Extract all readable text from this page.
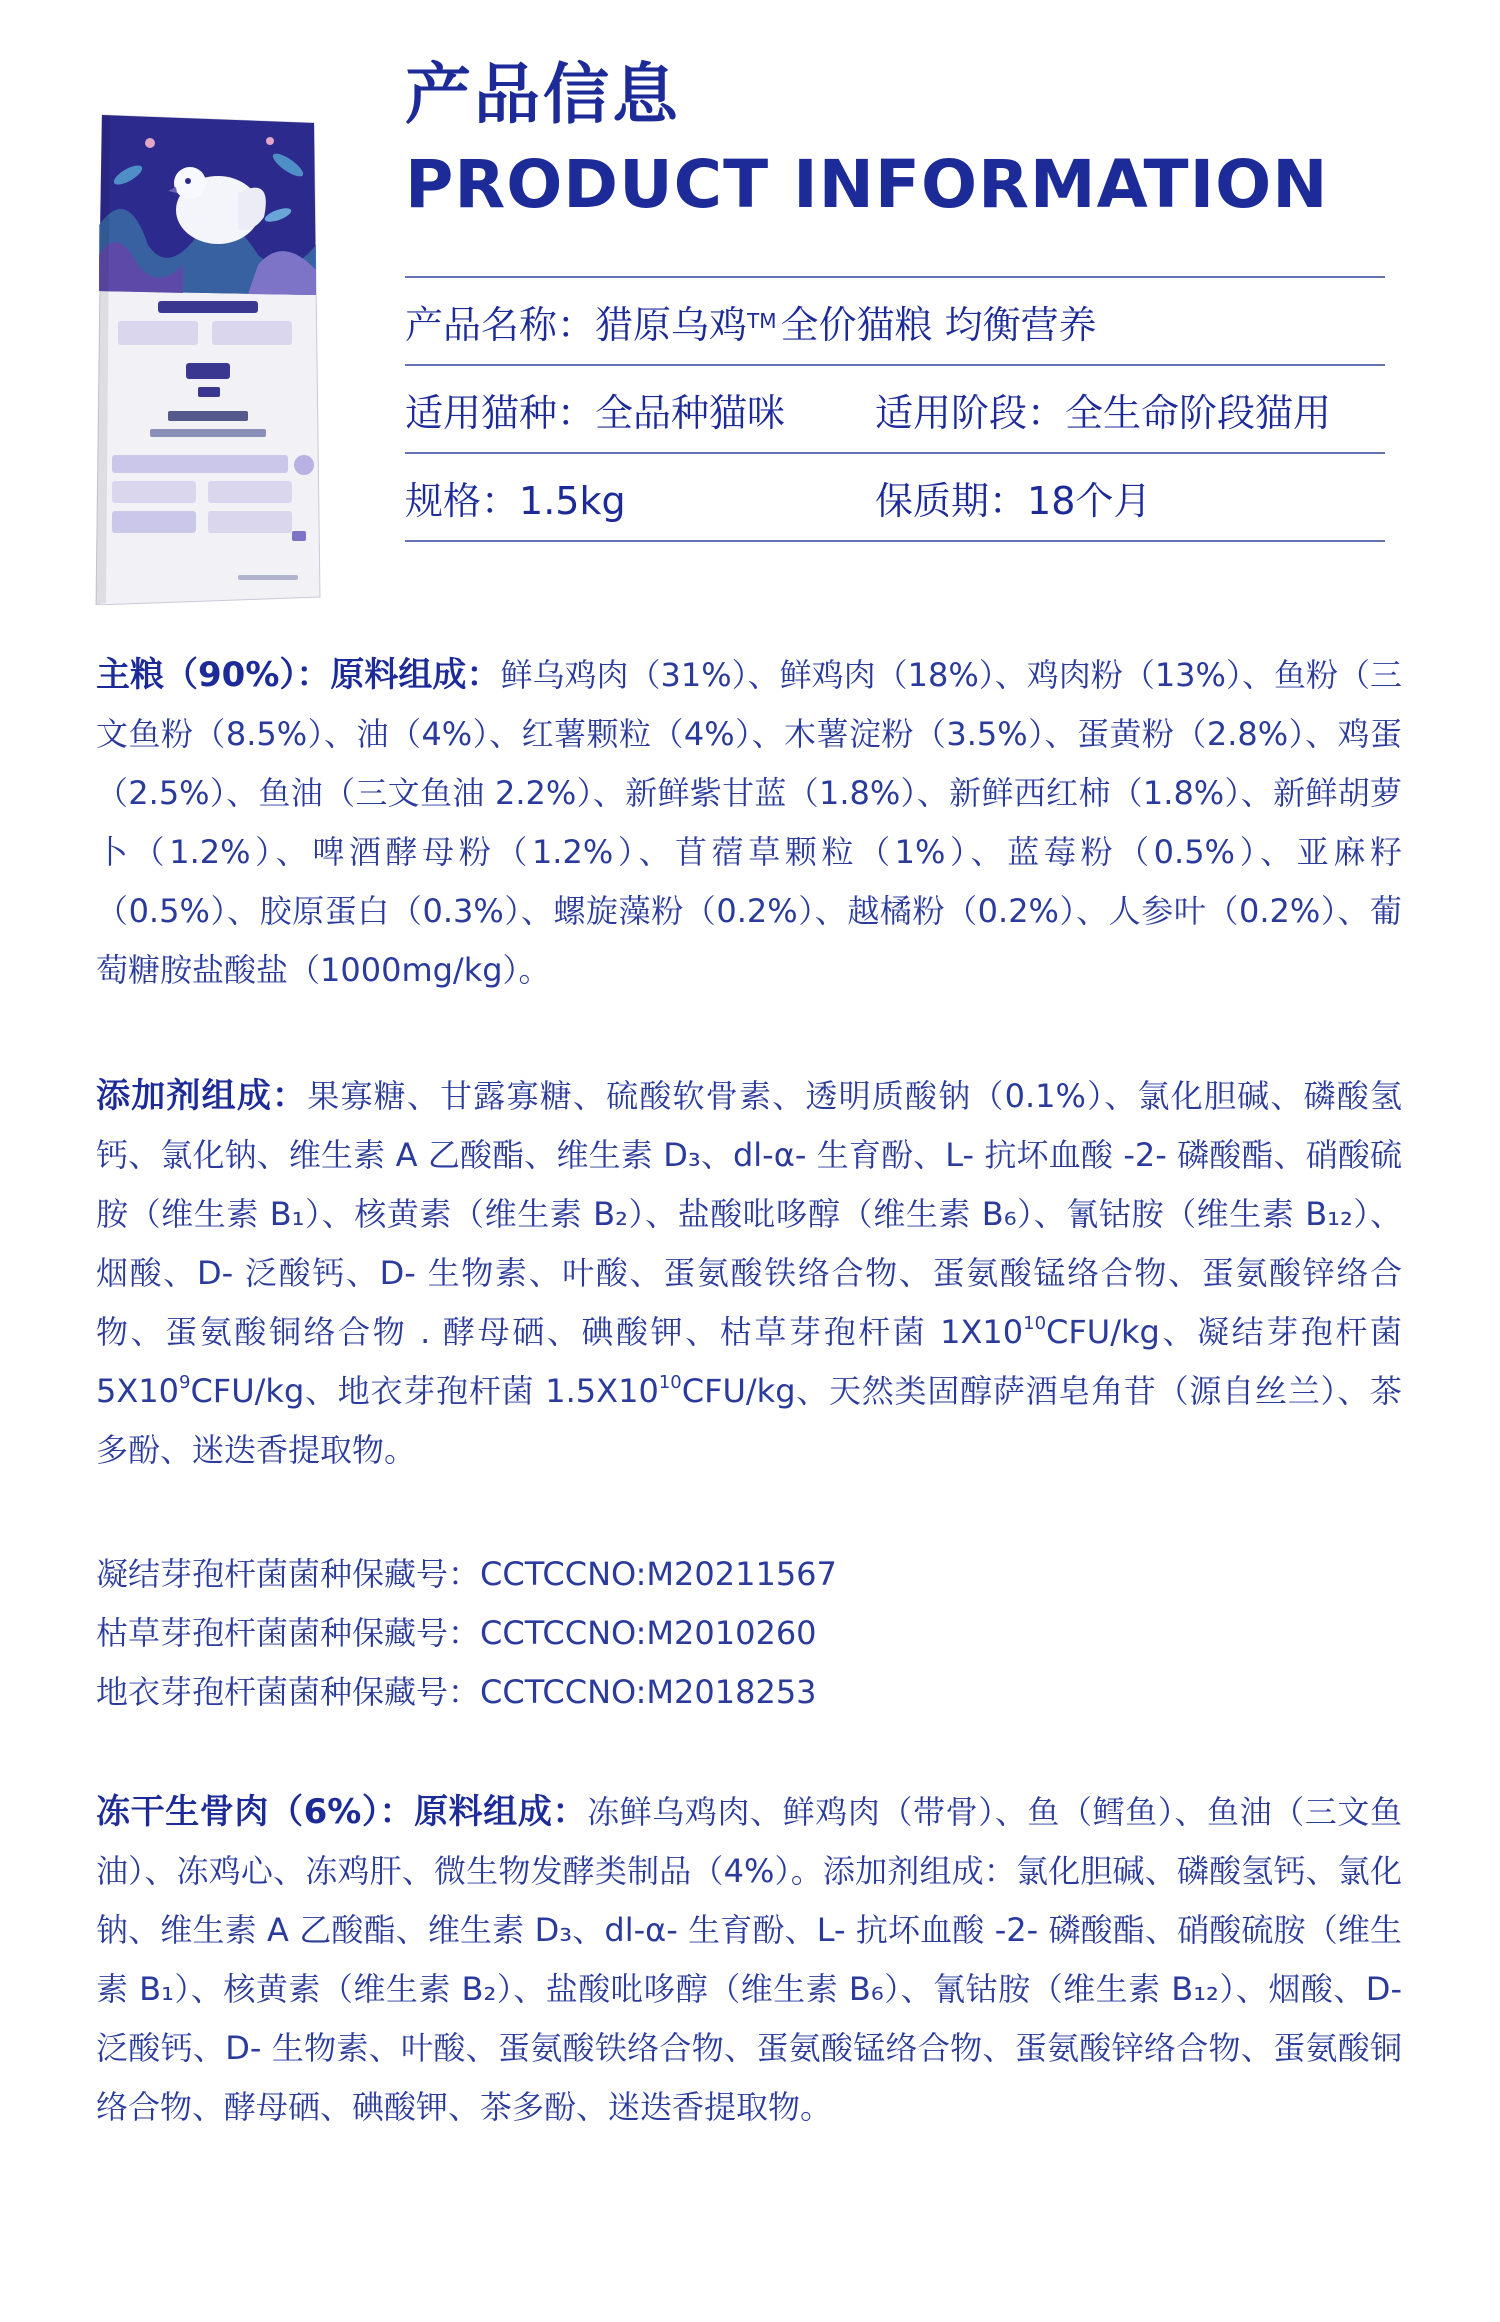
产品信息
PRODUCT INFORMATION
产品名称： 猎原乌鸡 TM 全价猫粮 均衡营养
适用猫种：全品种猫咪	适用阶段：全生命阶段猫用
规格：1.5kg	保质期：18个月
主粮（90%）：原料组成：鲜乌鸡肉（31%）、鲜鸡肉（18%）、鸡肉粉（13%）、鱼粉（三文鱼粉（8.5%）、油（4%）、红薯颗粒（4%）、木薯淀粉（3.5%）、蛋黄粉（2.8%）、鸡蛋（2.5%）、鱼油（三文鱼油 2.2%）、新鲜紫甘蓝（1.8%）、新鲜西红柿（1.8%）、新鲜胡萝卜（1.2%）、啤酒酵母粉（1.2%）、苜蓿草颗粒（1%）、蓝莓粉（0.5%）、亚麻籽（0.5%）、胶原蛋白（0.3%）、螺旋藻粉（0.2%）、越橘粉（0.2%）、人参叶（0.2%）、葡萄糖胺盐酸盐（1000mg/kg）。
添加剂组成：果寡糖、甘露寡糖、硫酸软骨素、透明质酸钠（0.1%）、氯化胆碱、磷酸氢钙、氯化钠、维生素 A 乙酸酯、维生素 D₃、dl-α- 生育酚、L- 抗坏血酸 -2- 磷酸酯、硝酸硫胺（维生素 B₁）、核黄素（维生素 B₂）、盐酸吡哆醇（维生素 B₆）、氰钴胺（维生素 B₁₂）、烟酸、D- 泛酸钙、D- 生物素、叶酸、蛋氨酸铁络合物、蛋氨酸锰络合物、蛋氨酸锌络合物、蛋氨酸铜络合物 . 酵母硒、碘酸钾、枯草芽孢杆菌 $1X10^{10}CFU/kg$、凝结芽孢杆菌 $5X10^9CFU/kg$、地衣芽孢杆菌 $1.5X10^{10}CFU/kg$、天然类固醇萨酒皂角苷（源自丝兰）、茶多酚、迷迭香提取物。
凝结芽孢杆菌菌种保藏号：CCTCCNO:M20211567
枯草芽孢杆菌菌种保藏号：CCTCCNO:M2010260
地衣芽孢杆菌菌种保藏号：CCTCCNO:M2018253
冻干生骨肉（6%）：原料组成：冻鲜乌鸡肉、鲜鸡肉（带骨）、鱼（鳕鱼）、鱼油（三文鱼油）、冻鸡心、冻鸡肝、微生物发酵类制品（4%）。添加剂组成：氯化胆碱、磷酸氢钙、氯化钠、维生素 A 乙酸酯、维生素 D₃、dl-α- 生育酚、L- 抗坏血酸 -2- 磷酸酯、硝酸硫胺（维生素 B₁）、核黄素（维生素 B₂）、盐酸吡哆醇（维生素 B₆）、氰钴胺（维生素 B₁₂）、烟酸、D- 泛酸钙、D- 生物素、叶酸、蛋氨酸铁络合物、蛋氨酸锰络合物、蛋氨酸锌络合物、蛋氨酸铜络合物、酵母硒、碘酸钾、茶多酚、迷迭香提取物。
